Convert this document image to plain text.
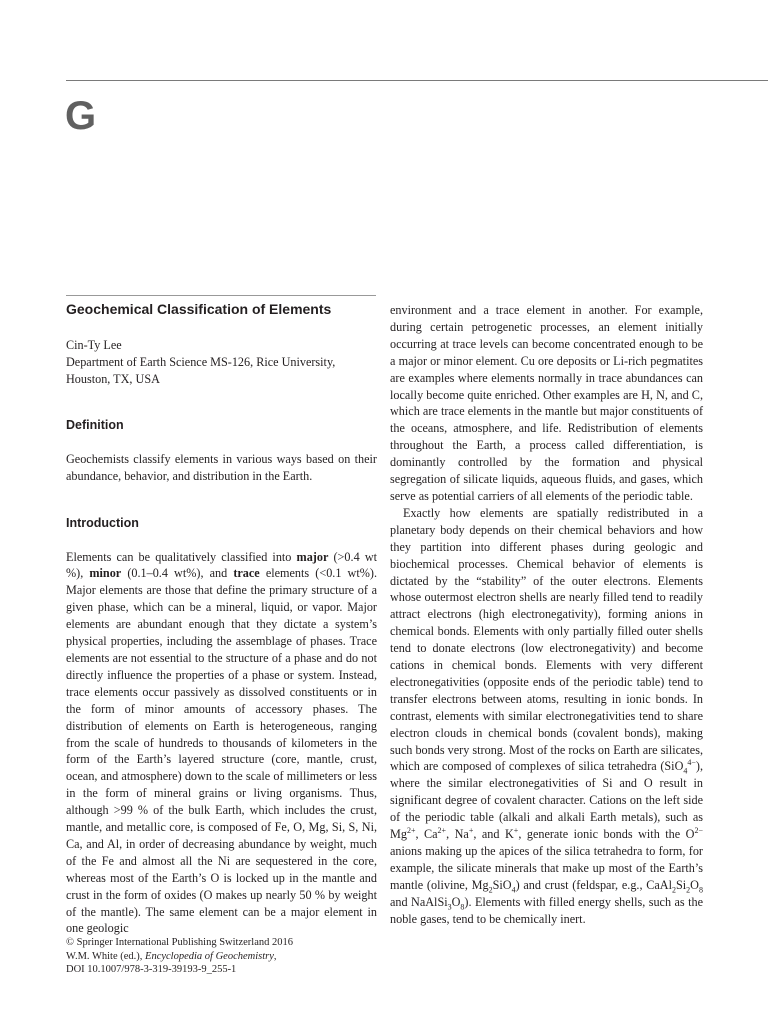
G
Geochemical Classification of Elements

Cin-Ty Lee

Department of Earth Science MS-126, Rice University,

Houston, TX, USA

Definition

Geochemists classify elements in various ways based on their abundance, behavior, and distribution in the Earth.

Introduction

Elements can be qualitatively classified into major (>0.4 wt %), minor (0.1–0.4 wt%), and trace elements (<0.1 wt%). Major elements are those that define the primary structure of a given phase, which can be a mineral, liquid, or vapor. Major elements are abundant enough that they dictate a system’s physical properties, including the assemblage of phases. Trace elements are not essential to the structure of a phase and do not directly influence the properties of a phase or system. Instead, trace elements occur passively as dissolved constituents or in the form of minor amounts of accessory phases. The distribution of elements on Earth is heterogeneous, ranging from the scale of hundreds to thousands of kilometers in the form of the Earth’s layered structure (core, mantle, crust, ocean, and atmosphere) down to the scale of millimeters or less in the form of mineral grains or living organisms. Thus, although >99 % of the bulk Earth, which includes the crust, mantle, and metallic core, is composed of Fe, O, Mg, Si, S, Ni, Ca, and Al, in order of decreasing abundance by weight, much of the Fe and almost all the Ni are sequestered in the core, whereas most of the Earth’s O is locked up in the mantle and crust in the form of oxides (O makes up nearly 50 % by weight of the mantle). The same element can be a major element in one geologic

environment and a trace element in another. For example, during certain petrogenetic processes, an element initially occurring at trace levels can become concentrated enough to be a major or minor element. Cu ore deposits or Li-rich pegmatites are examples where elements normally in trace abundances can locally become quite enriched. Other examples are H, N, and C, which are trace elements in the mantle but major constituents of the oceans, atmosphere, and life. Redistribution of elements throughout the Earth, a process called differentiation, is dominantly controlled by the formation and physical segregation of silicate liquids, aqueous fluids, and gases, which serve as potential carriers of all elements of the periodic table.

Exactly how elements are spatially redistributed in a planetary body depends on their chemical behaviors and how they partition into different phases during geologic and biochemical processes. Chemical behavior of elements is dictated by the “stability” of the outer electrons. Elements whose outermost electron shells are nearly filled tend to readily attract electrons (high electronegativity), forming anions in chemical bonds. Elements with only partially filled outer shells tend to donate electrons (low electronegativity) and become cations in chemical bonds. Elements with very different electronegativities (opposite ends of the periodic table) tend to transfer electrons between atoms, resulting in ionic bonds. In contrast, elements with similar electronegativities tend to share electron clouds in chemical bonds (covalent bonds), making such bonds very strong. Most of the rocks on Earth are silicates, which are composed of complexes of silica tetrahedra (SiO$_4^{4-}$), where the similar electronegativities of Si and O result in significant degree of covalent character. Cations on the left side of the periodic table (alkali and alkali Earth metals), such as $Mg^{2+}$, $Ca^{2+}$, Na+, and K+, generate ionic bonds with the $O^{2-}$ anions making up the apices of the silica tetrahedra to form, for example, the silicate minerals that make up most of the Earth’s mantle (olivine, $Mg_2SiO_4$) and crust (feldspar, e.g., $CaAl_2Si_2O_8$ and $NaAlSi_3O_8$). Elements with filled energy shells, such as the noble gases, tend to be chemically inert.

© Springer International Publishing Switzerland 2016
W.M. White (ed.), Encyclopedia of Geochemistry,
DOI 10.1007/978-3-319-39193-9_255-1
